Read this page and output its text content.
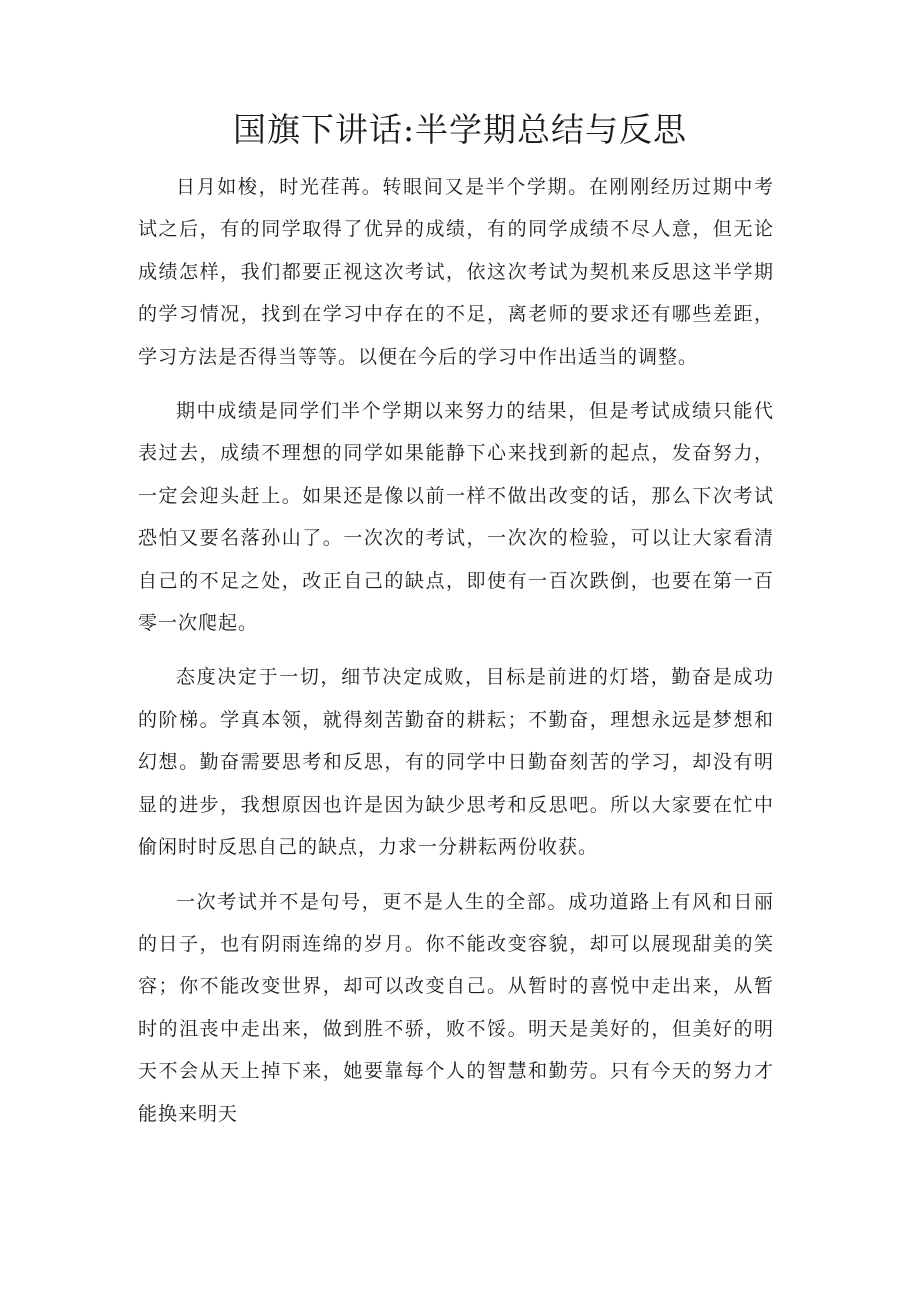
国旗下讲话:半学期总结与反思

日月如梭，时光荏苒。转眼间又是半个学期。在刚刚经历过期中考试之后，有的同学取得了优异的成绩，有的同学成绩不尽人意，但无论成绩怎样，我们都要正视这次考试，依这次考试为契机来反思这半学期的学习情况，找到在学习中存在的不足，离老师的要求还有哪些差距，学习方法是否得当等等。以便在今后的学习中作出适当的调整。

期中成绩是同学们半个学期以来努力的结果，但是考试成绩只能代表过去，成绩不理想的同学如果能静下心来找到新的起点，发奋努力，一定会迎头赶上。如果还是像以前一样不做出改变的话，那么下次考试恐怕又要名落孙山了。一次次的考试，一次次的检验，可以让大家看清自己的不足之处，改正自己的缺点，即使有一百次跌倒，也要在第一百零一次爬起。

态度决定于一切，细节决定成败，目标是前进的灯塔，勤奋是成功的阶梯。学真本领，就得刻苦勤奋的耕耘；不勤奋，理想永远是梦想和幻想。勤奋需要思考和反思，有的同学中日勤奋刻苦的学习，却没有明显的进步，我想原因也许是因为缺少思考和反思吧。所以大家要在忙中偷闲时时反思自己的缺点，力求一分耕耘两份收获。

一次考试并不是句号，更不是人生的全部。成功道路上有风和日丽的日子，也有阴雨连绵的岁月。你不能改变容貌，却可以展现甜美的笑容；你不能改变世界，却可以改变自己。从暂时的喜悦中走出来，从暂时的沮丧中走出来，做到胜不骄，败不馁。明天是美好的，但美好的明天不会从天上掉下来，她要靠每个人的智慧和勤劳。只有今天的努力才能换来明天
